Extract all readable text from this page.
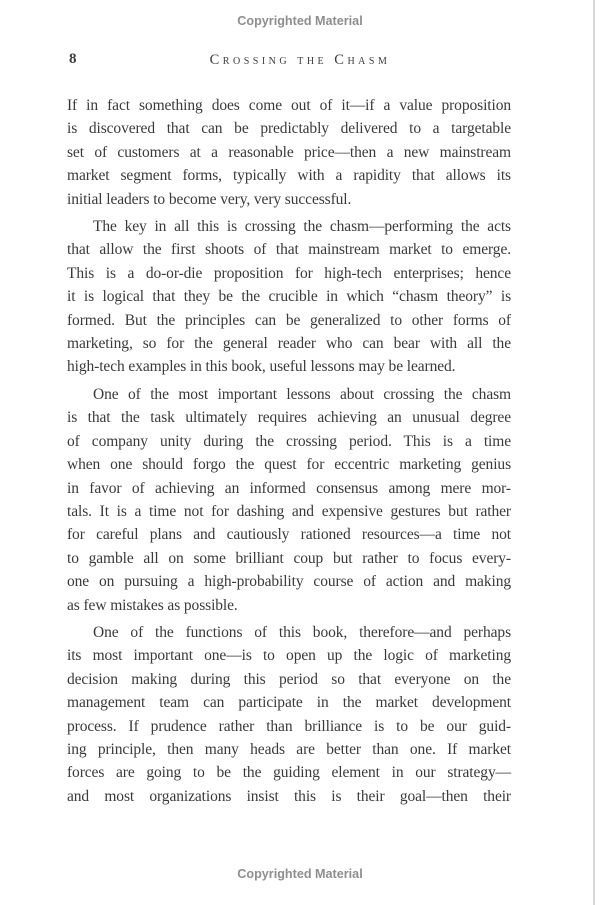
Copyrighted Material
8	Crossing the Chasm

If in fact something does come out of it—if a value proposition
is discovered that can be predictably delivered to a targetable
set of customers at a reasonable price—then a new mainstream
market segment forms, typically with a rapidity that allows its
initial leaders to become very, very successful.

The key in all this is crossing the chasm—performing the acts
that allow the first shoots of that mainstream market to emerge.
This is a do-or-die proposition for high-tech enterprises; hence
it is logical that they be the crucible in which “chasm theory” is
formed. But the principles can be generalized to other forms of
marketing, so for the general reader who can bear with all the
high-tech examples in this book, useful lessons may be learned.

One of the most important lessons about crossing the chasm
is that the task ultimately requires achieving an unusual degree
of company unity during the crossing period. This is a time
when one should forgo the quest for eccentric marketing genius
in favor of achieving an informed consensus among mere mor-
tals. It is a time not for dashing and expensive gestures but rather
for careful plans and cautiously rationed resources—a time not
to gamble all on some brilliant coup but rather to focus every-
one on pursuing a high-probability course of action and making
as few mistakes as possible.

One of the functions of this book, therefore—and perhaps
its most important one—is to open up the logic of marketing
decision making during this period so that everyone on the
management team can participate in the market development
process. If prudence rather than brilliance is to be our guid-
ing principle, then many heads are better than one. If market
forces are going to be the guiding element in our strategy—
and most organizations insist this is their goal—then their

Copyrighted Material
